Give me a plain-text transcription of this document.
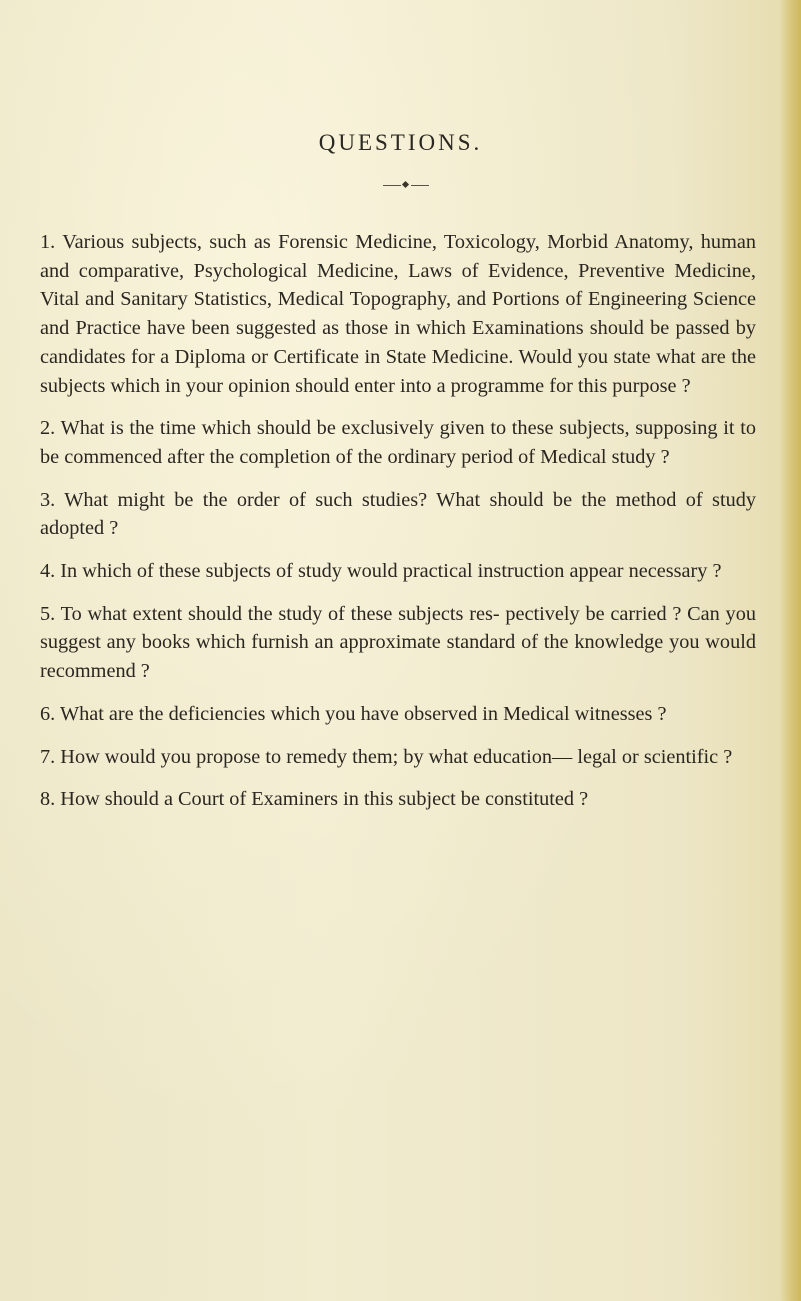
QUESTIONS.

1. Various subjects, such as Forensic Medicine, Toxicology, Morbid Anatomy, human and comparative, Psychological Medicine, Laws of Evidence, Preventive Medicine, Vital and Sanitary Statistics, Medical Topography, and Portions of Engineering Science and Practice have been suggested as those in which Examinations should be passed by candidates for a Diploma or Certificate in State Medicine. Would you state what are the subjects which in your opinion should enter into a programme for this purpose ?

2. What is the time which should be exclusively given to these subjects, supposing it to be commenced after the completion of the ordinary period of Medical study ?

3. What might be the order of such studies? What should be the method of study adopted ?

4. In which of these subjects of study would practical instruction appear necessary ?

5. To what extent should the study of these subjects res- pectively be carried ? Can you suggest any books which furnish an approximate standard of the knowledge you would recommend ?

6. What are the deficiencies which you have observed in Medical witnesses ?

7. How would you propose to remedy them; by what education— legal or scientific ?

8. How should a Court of Examiners in this subject be constituted ?
